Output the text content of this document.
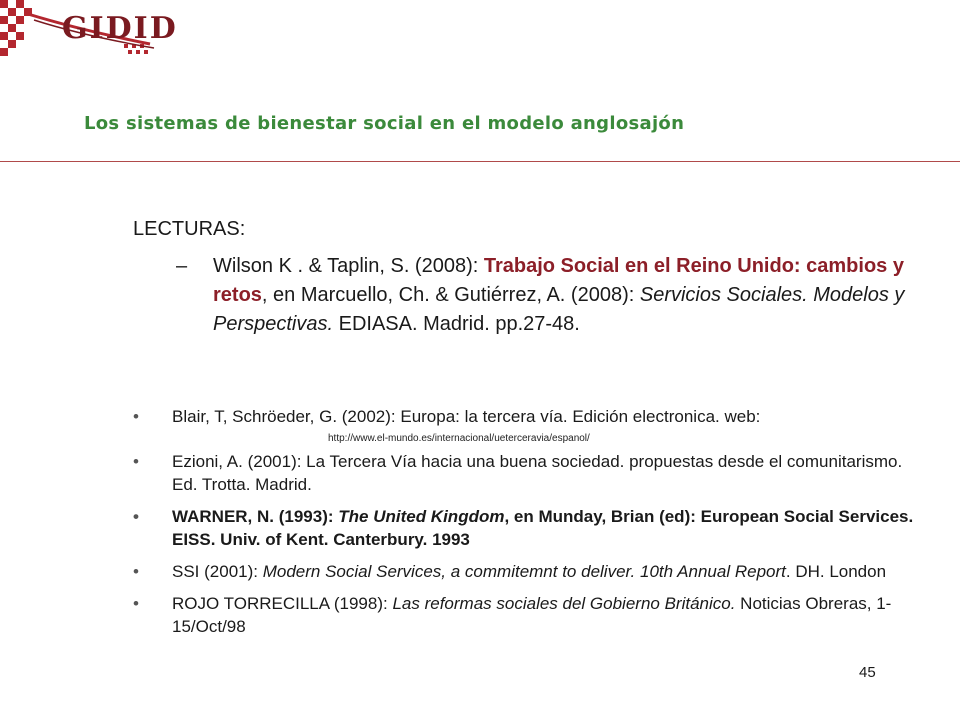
GIDID
Los sistemas de bienestar social en el modelo anglosajón
LECTURAS:
– Wilson K . & Taplin, S. (2008): Trabajo Social en el Reino Unido: cambios y retos, en Marcuello, Ch. & Gutiérrez, A. (2008): Servicios Sociales. Modelos y Perspectivas. EDIASA. Madrid. pp.27-48.
• Blair, T, Schröeder, G. (2002): Europa: la tercera vía. Edición electronica. web:
http://www.el-mundo.es/internacional/ueterceravia/espanol/
• Ezioni, A. (2001): La Tercera Vía hacia una buena sociedad. propuestas desde el comunitarismo. Ed. Trotta. Madrid.
• WARNER, N. (1993): The United Kingdom, en Munday, Brian (ed): European Social Services. EISS. Univ. of Kent. Canterbury. 1993
• SSI (2001): Modern Social Services, a commitemnt to deliver. 10th Annual Report. DH. London
• ROJO TORRECILLA (1998): Las reformas sociales del Gobierno Británico. Noticias Obreras, 1-15/Oct/98
45
